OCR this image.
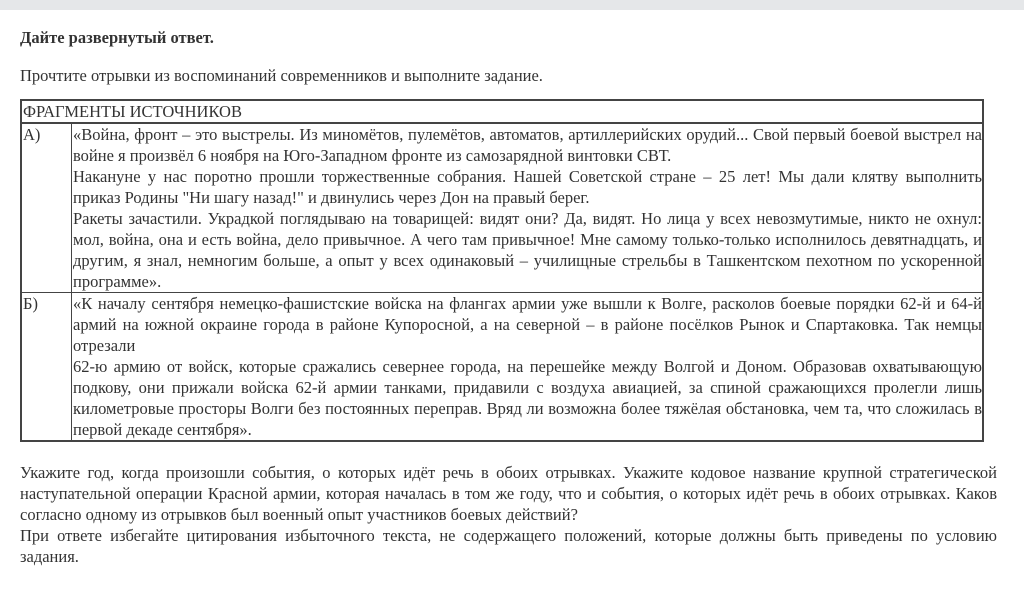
Дайте развернутый ответ.
Прочтите отрывки из воспоминаний современников и выполните задание.
ФРАГМЕНТЫ ИСТОЧНИКОВ	
А)	«Война, фронт – это выстрелы. Из миномётов, пулемётов, автоматов, артиллерийских орудий... Свой первый боевой выстрел на войне я произвёл 6 ноября на Юго-Западном фронте из самозарядной винтовки СВТ.

Накануне у нас поротно прошли торжественные собрания. Нашей Советской стране – 25 лет! Мы дали клятву выполнить приказ Родины "Ни шагу назад!" и двинулись через Дон на правый берег.

Ракеты зачастили. Украдкой поглядываю на товарищей: видят они? Да, видят. Но лица у всех невозмутимые, никто не охнул: мол, война, она и есть война, дело привычное. А чего там привычное! Мне самому только-только исполнилось девятнадцать, и другим, я знал, немногим больше, а опыт у всех одинаковый – училищные стрельбы в Ташкентском пехотном по ускоренной программе».

Б)	«К началу сентября немецко-фашистские войска на флангах армии уже вышли к Волге, расколов боевые порядки 62-й и 64-й армий на южной окраине города в районе Купоросной, а на северной – в районе посёлков Рынок и Спартаковка. Так немцы отрезали

62-ю армию от войск, которые сражались севернее города, на перешейке между Волгой и Доном. Образовав охватывающую подкову, они прижали войска 62-й армии танками, придавили с воздуха авиацией, за спиной сражающихся пролегли лишь километровые просторы Волги без постоянных переправ. Вряд ли возможна более тяжёлая обстановка, чем та, что сложилась в первой декаде сентября».

Укажите год, когда произошли события, о которых идёт речь в обоих отрывках. Укажите кодовое название крупной стратегической наступательной операции Красной армии, которая началась в том же году, что и события, о которых идёт речь в обоих отрывках. Каков согласно одному из отрывков был военный опыт участников боевых действий?

При ответе избегайте цитирования избыточного текста, не содержащего положений, которые должны быть приведены по условию задания.
